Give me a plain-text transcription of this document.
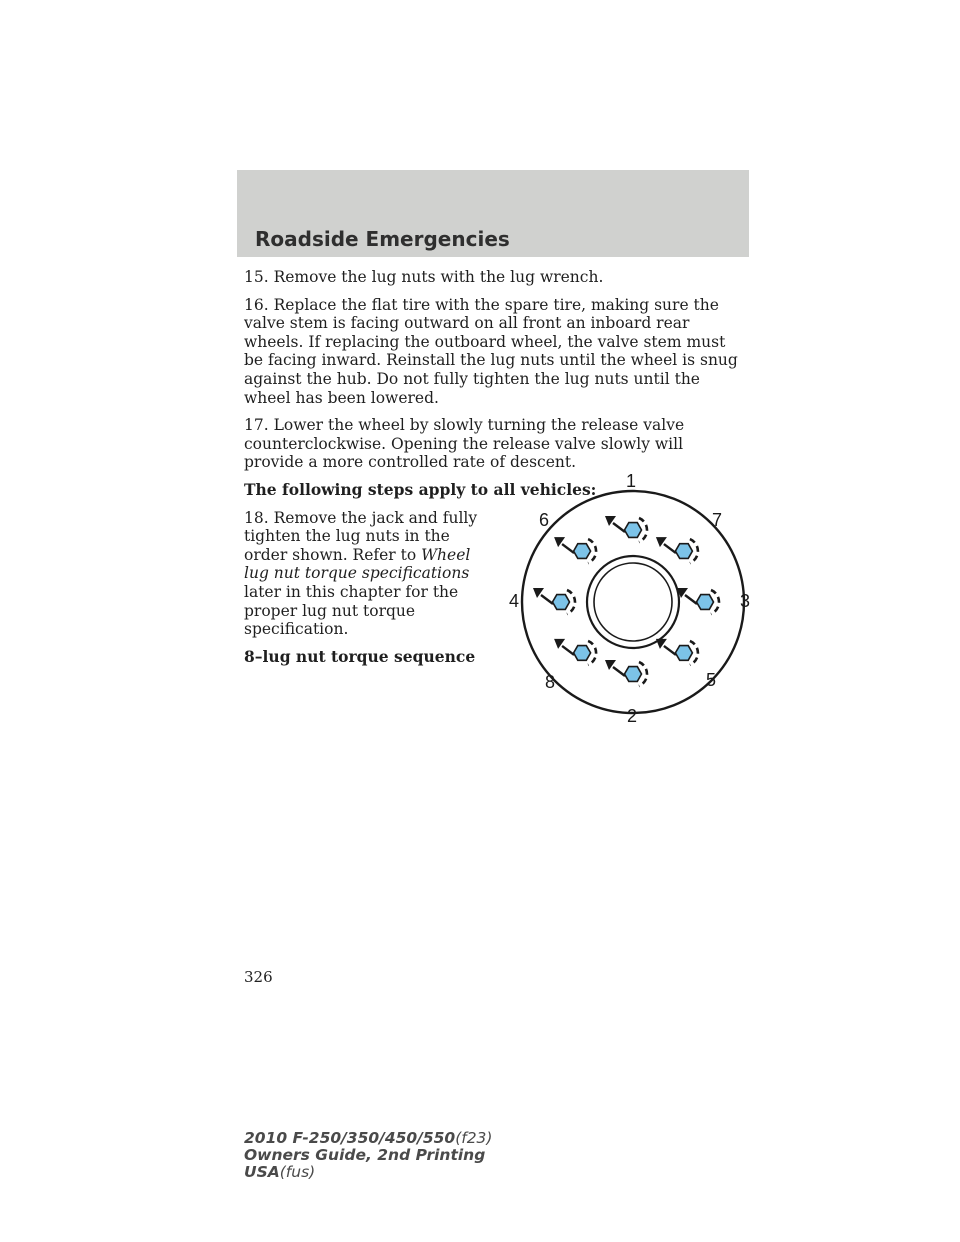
Roadside Emergencies

15. Remove the lug nuts with the lug wrench.

16. Replace the flat tire with the spare tire, making sure the valve stem is facing outward on all front an inboard rear wheels. If replacing the outboard wheel, the valve stem must be facing inward. Reinstall the lug nuts until the wheel is snug against the hub. Do not fully tighten the lug nuts until the wheel has been lowered.

17. Lower the wheel by slowly turning the release valve counterclockwise. Opening the release valve slowly will provide a more controlled rate of descent.

The following steps apply to all vehicles:

18. Remove the jack and fully tighten the lug nuts in the order shown. Refer to Wheel lug nut torque specifications later in this chapter for the proper lug nut torque specification.

8–lug nut torque sequence

1
2
3
4
5
6	7
8
326
2010 F-250/350/450/550(f23)
Owners Guide, 2nd Printing
USA(fus)
